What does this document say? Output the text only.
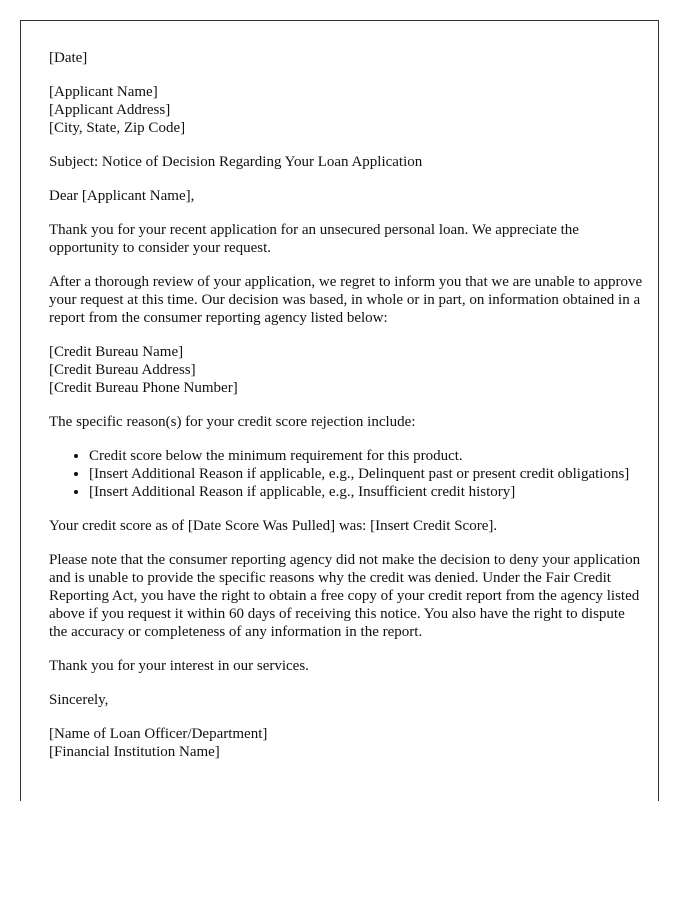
[Date]

[Applicant Name]
[Applicant Address]
[City, State, Zip Code]

Subject: Notice of Decision Regarding Your Loan Application

Dear [Applicant Name],

Thank you for your recent application for an unsecured personal loan. We appreciate the opportunity to consider your request.

After a thorough review of your application, we regret to inform you that we are unable to approve your request at this time. Our decision was based, in whole or in part, on information obtained in a report from the consumer reporting agency listed below:

[Credit Bureau Name]
[Credit Bureau Address]
[Credit Bureau Phone Number]

The specific reason(s) for your credit score rejection include:

• Credit score below the minimum requirement for this product.
• [Insert Additional Reason if applicable, e.g., Delinquent past or present credit obligations]
• [Insert Additional Reason if applicable, e.g., Insufficient credit history]

Your credit score as of [Date Score Was Pulled] was: [Insert Credit Score].

Please note that the consumer reporting agency did not make the decision to deny your application and is unable to provide the specific reasons why the credit was denied. Under the Fair Credit Reporting Act, you have the right to obtain a free copy of your credit report from the agency listed above if you request it within 60 days of receiving this notice. You also have the right to dispute the accuracy or completeness of any information in the report.

Thank you for your interest in our services.

Sincerely,

[Name of Loan Officer/Department]
[Financial Institution Name]
